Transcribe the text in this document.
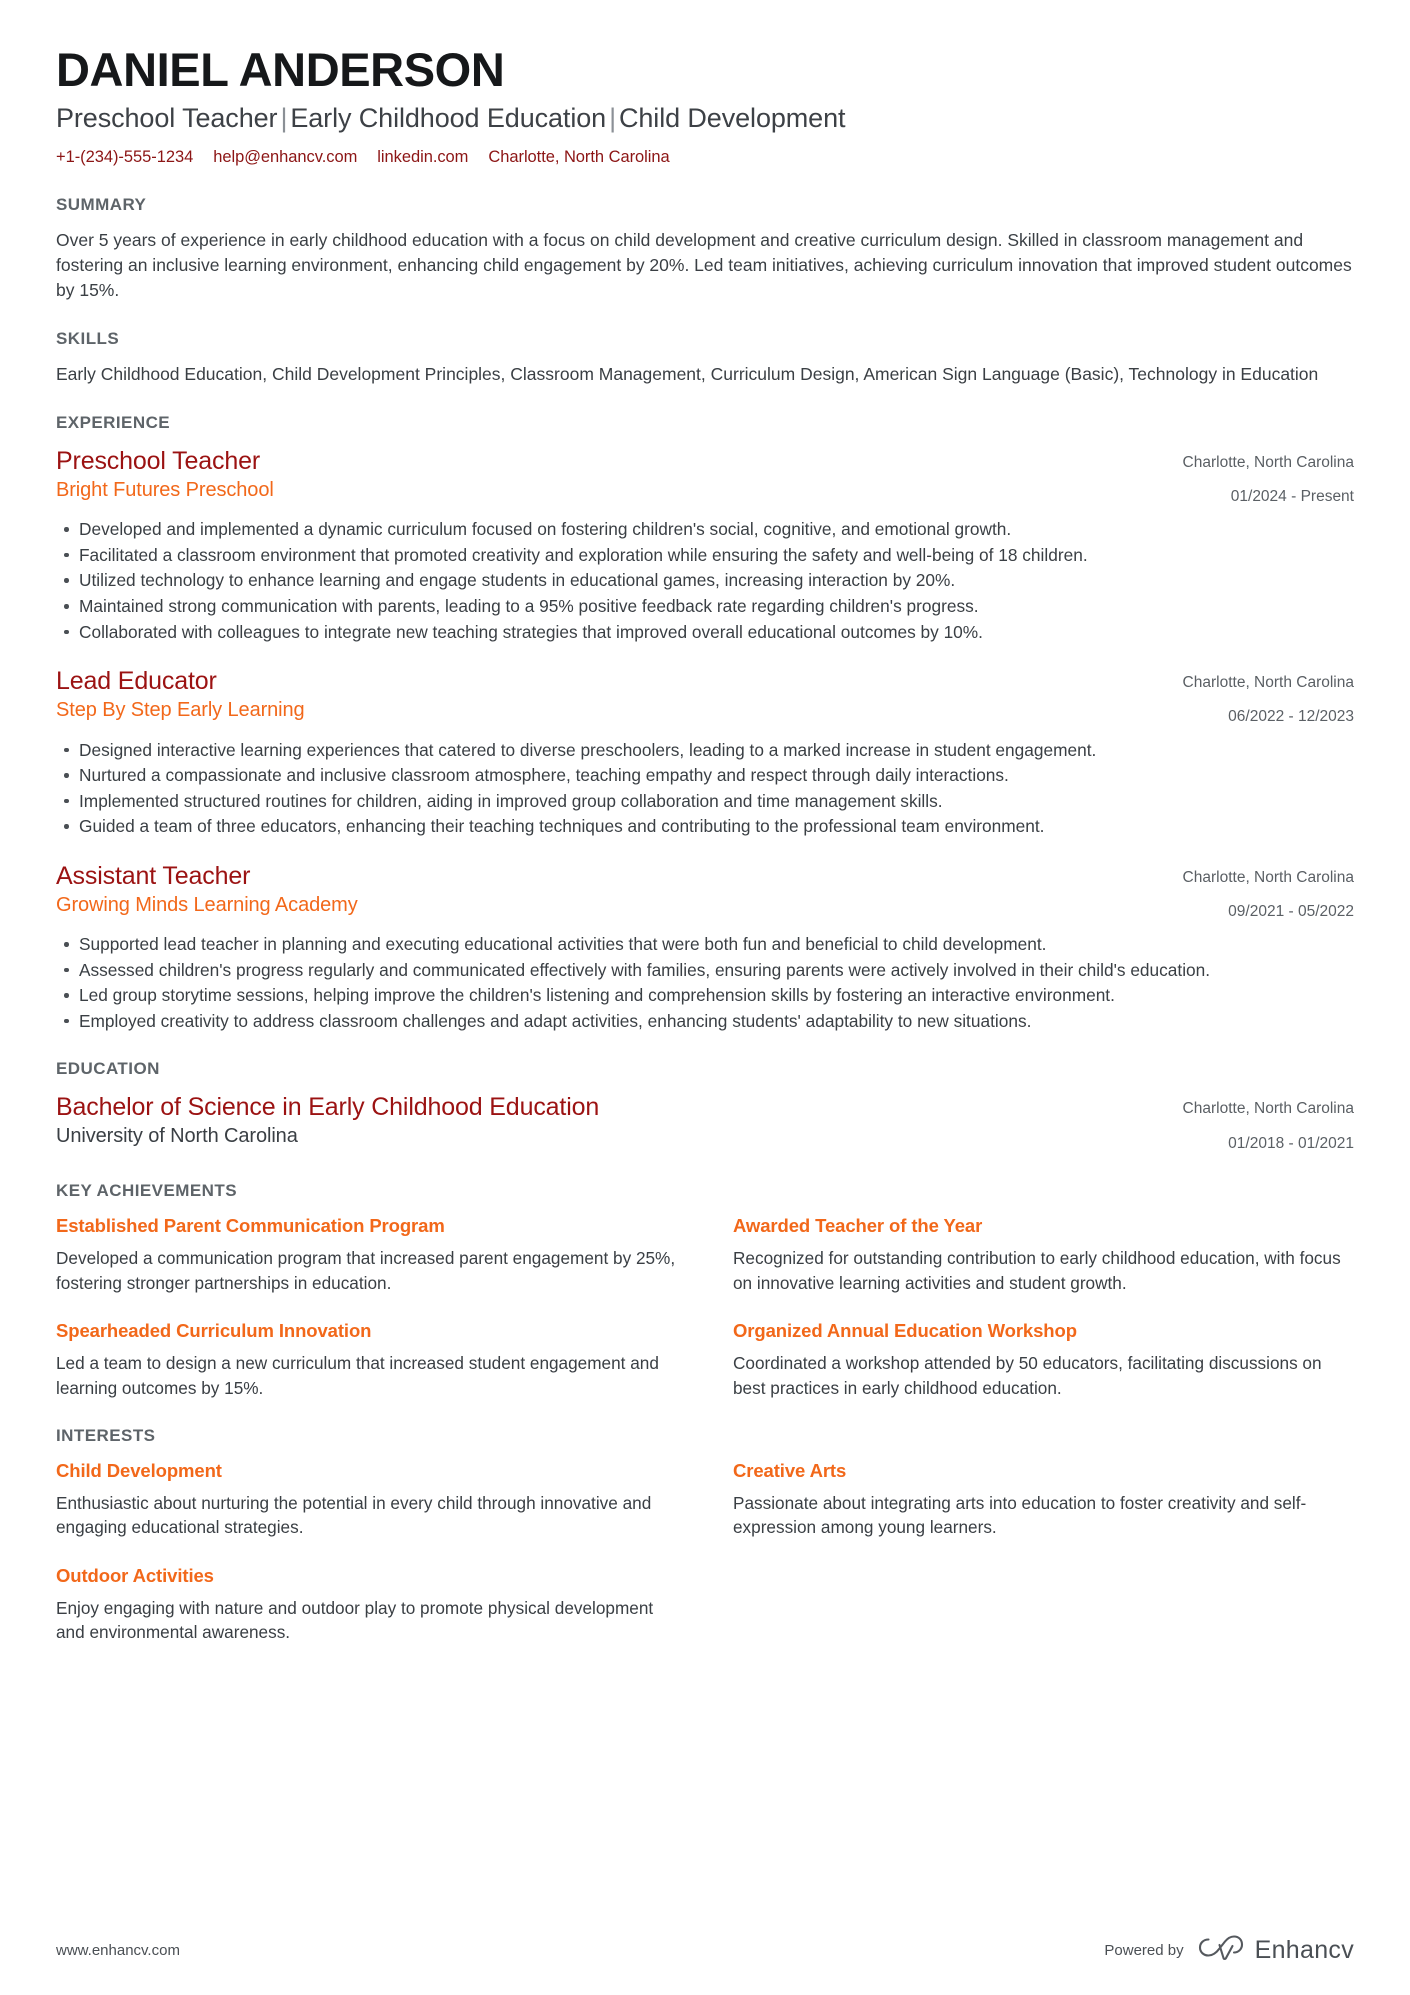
DANIEL ANDERSON
Preschool Teacher | Early Childhood Education | Child Development
+1-(234)-555-1234 help@enhancv.com linkedin.com Charlotte, North Carolina
SUMMARY

Over 5 years of experience in early childhood education with a focus on child development and creative curriculum design. Skilled in classroom management and fostering an inclusive learning environment, enhancing child engagement by 20%. Led team initiatives, achieving curriculum innovation that improved student outcomes by 15%.

SKILLS

Early Childhood Education, Child Development Principles, Classroom Management, Curriculum Design, American Sign Language (Basic), Technology in Education

EXPERIENCE
Preschool Teacher
Bright Futures Preschool
Charlotte, North Carolina
01/2024 - Present
Developed and implemented a dynamic curriculum focused on fostering children's social, cognitive, and emotional growth.
Facilitated a classroom environment that promoted creativity and exploration while ensuring the safety and well-being of 18 children.
Utilized technology to enhance learning and engage students in educational games, increasing interaction by 20%.
Maintained strong communication with parents, leading to a 95% positive feedback rate regarding children's progress.
Collaborated with colleagues to integrate new teaching strategies that improved overall educational outcomes by 10%.
Lead Educator
Step By Step Early Learning
Charlotte, North Carolina
06/2022 - 12/2023
Designed interactive learning experiences that catered to diverse preschoolers, leading to a marked increase in student engagement.
Nurtured a compassionate and inclusive classroom atmosphere, teaching empathy and respect through daily interactions.
Implemented structured routines for children, aiding in improved group collaboration and time management skills.
Guided a team of three educators, enhancing their teaching techniques and contributing to the professional team environment.
Assistant Teacher
Growing Minds Learning Academy
Charlotte, North Carolina
09/2021 - 05/2022
Supported lead teacher in planning and executing educational activities that were both fun and beneficial to child development.
Assessed children's progress regularly and communicated effectively with families, ensuring parents were actively involved in their child's education.
Led group storytime sessions, helping improve the children's listening and comprehension skills by fostering an interactive environment.
Employed creativity to address classroom challenges and adapt activities, enhancing students' adaptability to new situations.
EDUCATION
Bachelor of Science in Early Childhood Education
University of North Carolina
Charlotte, North Carolina
01/2018 - 01/2021
KEY ACHIEVEMENTS
Established Parent Communication Program
Developed a communication program that increased parent engagement by 25%, fostering stronger partnerships in education.
Awarded Teacher of the Year
Recognized for outstanding contribution to early childhood education, with focus on innovative learning activities and student growth.
Spearheaded Curriculum Innovation
Led a team to design a new curriculum that increased student engagement and learning outcomes by 15%.
Organized Annual Education Workshop
Coordinated a workshop attended by 50 educators, facilitating discussions on best practices in early childhood education.
INTERESTS
Child Development
Enthusiastic about nurturing the potential in every child through innovative and engaging educational strategies.
Creative Arts
Passionate about integrating arts into education to foster creativity and self-expression among young learners.
Outdoor Activities
Enjoy engaging with nature and outdoor play to promote physical development and environmental awareness.
www.enhancv.com	Powered by	Enhancv
